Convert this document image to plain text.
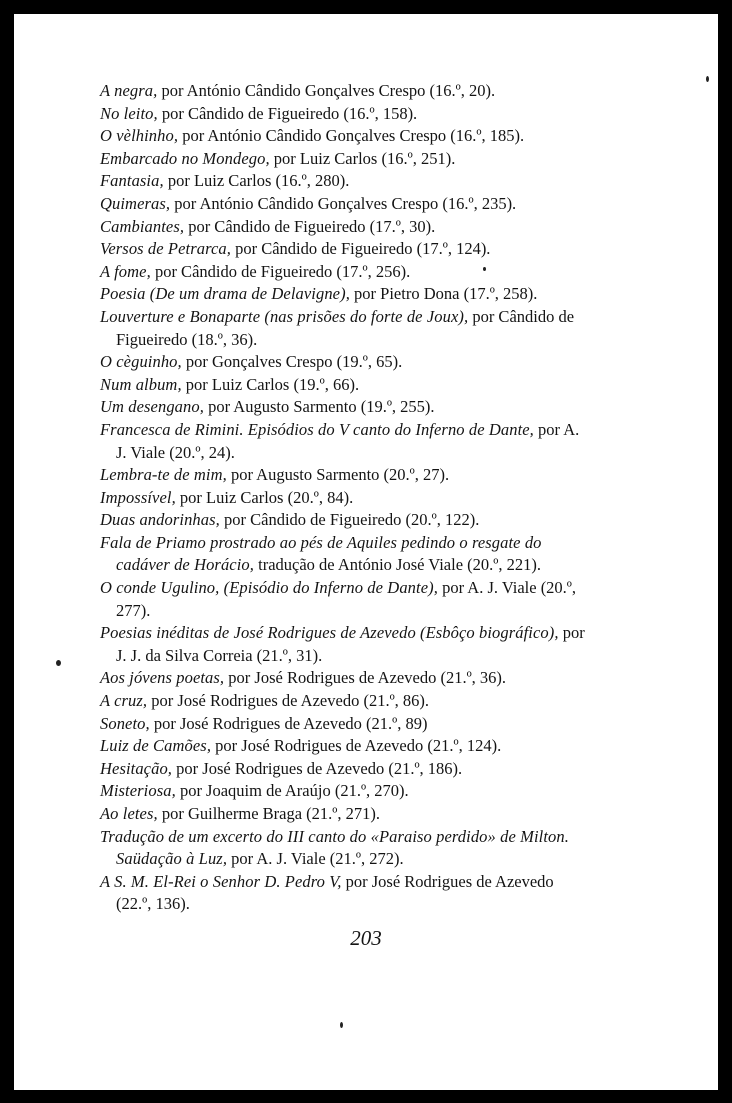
A negra, por António Cândido Gonçalves Crespo (16.º, 20).
No leito, por Cândido de Figueiredo (16.º, 158).
O vèlhinho, por António Cândido Gonçalves Crespo (16.º, 185).
Embarcado no Mondego, por Luiz Carlos (16.º, 251).
Fantasia, por Luiz Carlos (16.º, 280).
Quimeras, por António Cândido Gonçalves Crespo (16.º, 235).
Cambiantes, por Cândido de Figueiredo (17.º, 30).
Versos de Petrarca, por Cândido de Figueiredo (17.º, 124).
A fome, por Cândido de Figueiredo (17.º, 256).
Poesia (De um drama de Delavigne), por Pietro Dona (17.º, 258).
Louverture e Bonaparte (nas prisões do forte de Joux), por Cândido de Figueiredo (18.º, 36).
O cèguinho, por Gonçalves Crespo (19.º, 65).
Num album, por Luiz Carlos (19.º, 66).
Um desengano, por Augusto Sarmento (19.º, 255).
Francesca de Rimini. Episódios do V canto do Inferno de Dante, por A. J. Viale (20.º, 24).
Lembra-te de mim, por Augusto Sarmento (20.º, 27).
Impossível, por Luiz Carlos (20.º, 84).
Duas andorinhas, por Cândido de Figueiredo (20.º, 122).
Fala de Priamo prostrado ao pés de Aquiles pedindo o resgate do cadáver de Horácio, tradução de António José Viale (20.º, 221).
O conde Ugulino, (Episódio do Inferno de Dante), por A. J. Viale (20.º, 277).
Poesias inéditas de José Rodrigues de Azevedo (Esbôço biográfico), por J. J. da Silva Correia (21.º, 31).
Aos jóvens poetas, por José Rodrigues de Azevedo (21.º, 36).
A cruz, por José Rodrigues de Azevedo (21.º, 86).
Soneto, por José Rodrigues de Azevedo (21.º, 89)
Luiz de Camões, por José Rodrigues de Azevedo (21.º, 124).
Hesitação, por José Rodrigues de Azevedo (21.º, 186).
Misteriosa, por Joaquim de Araújo (21.º, 270).
Ao letes, por Guilherme Braga (21.º, 271).
Tradução de um excerto do III canto do «Paraiso perdido» de Milton. Saüdação à Luz, por A. J. Viale (21.º, 272).
A S. M. El-Rei o Senhor D. Pedro V, por José Rodrigues de Azevedo (22.º, 136).
203
